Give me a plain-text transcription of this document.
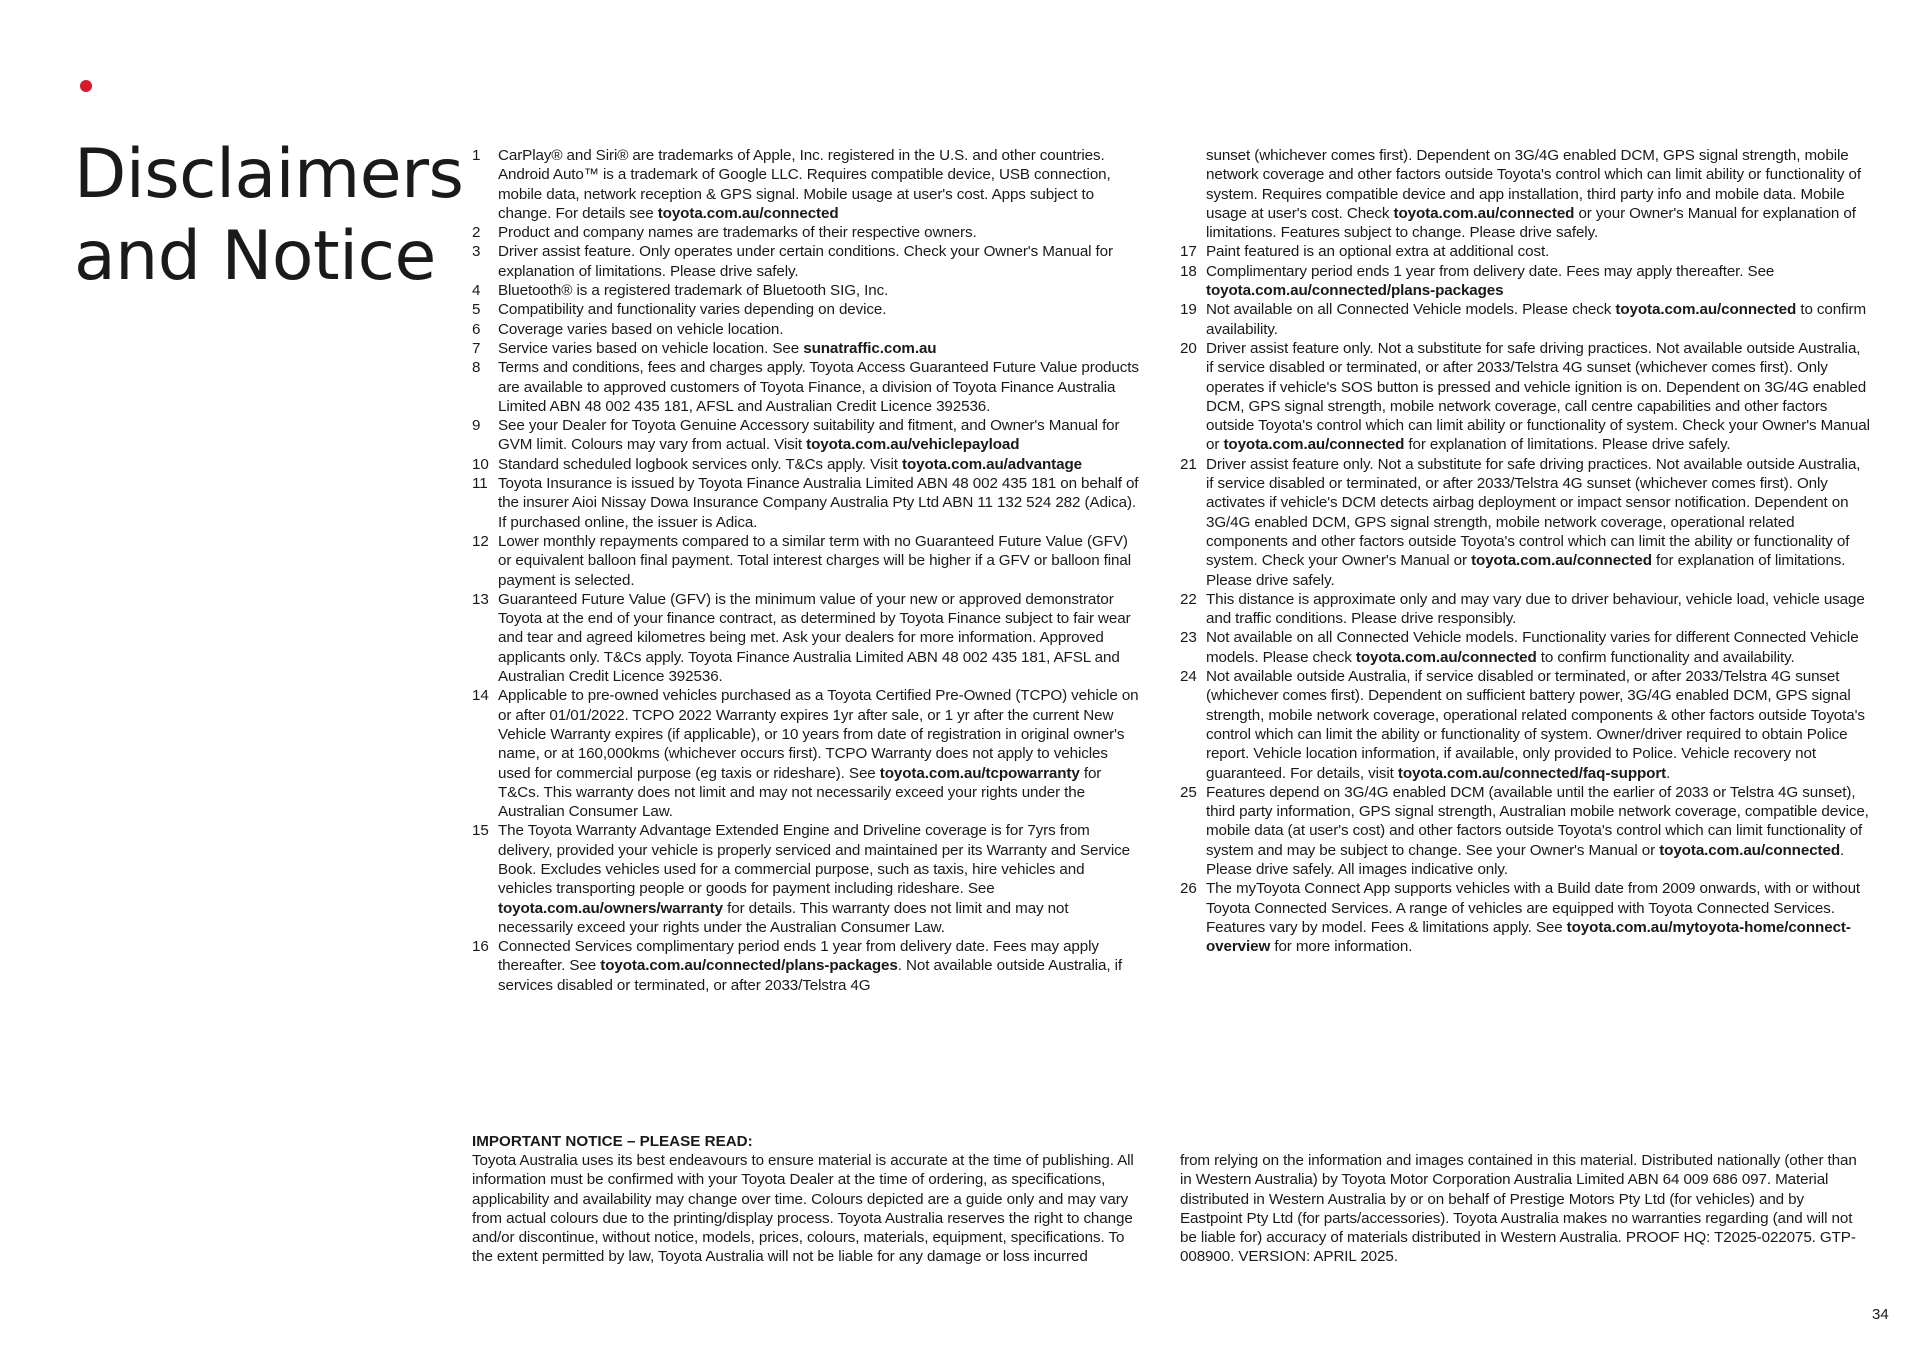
Disclaimers
and Notice
1	CarPlay® and Siri® are trademarks of Apple, Inc. registered in the U.S. and other countries. Android Auto™ is a trademark of Google LLC. Requires compatible device, USB connection, mobile data, network reception & GPS signal. Mobile usage at user's cost. Apps subject to change. For details see toyota.com.au/connected
2	Product and company names are trademarks of their respective owners.
3	Driver assist feature. Only operates under certain conditions. Check your Owner's Manual for explanation of limitations. Please drive safely.
4	Bluetooth® is a registered trademark of Bluetooth SIG, Inc.
5	Compatibility and functionality varies depending on device.
6	Coverage varies based on vehicle location.
7	Service varies based on vehicle location. See sunatraffic.com.au
8	Terms and conditions, fees and charges apply. Toyota Access Guaranteed Future Value products are available to approved customers of Toyota Finance, a division of Toyota Finance Australia Limited ABN 48 002 435 181, AFSL and Australian Credit Licence 392536.
9	See your Dealer for Toyota Genuine Accessory suitability and fitment, and Owner's Manual for GVM limit. Colours may vary from actual. Visit toyota.com.au/vehiclepayload
10 Standard scheduled logbook services only. T&Cs apply. Visit toyota.com.au/advantage
11 Toyota Insurance is issued by Toyota Finance Australia Limited ABN 48 002 435 181 on behalf of the insurer Aioi Nissay Dowa Insurance Company Australia Pty Ltd ABN 11 132 524 282 (Adica). If purchased online, the issuer is Adica.
12 Lower monthly repayments compared to a similar term with no Guaranteed Future Value (GFV) or equivalent balloon final payment. Total interest charges will be higher if a GFV or balloon final payment is selected.
13 Guaranteed Future Value (GFV) is the minimum value of your new or approved demonstrator Toyota at the end of your finance contract, as determined by Toyota Finance subject to fair wear and tear and agreed kilometres being met. Ask your dealers for more information. Approved applicants only. T&Cs apply. Toyota Finance Australia Limited ABN 48 002 435 181, AFSL and Australian Credit Licence 392536.
14 Applicable to pre-owned vehicles purchased as a Toyota Certified Pre-Owned (TCPO) vehicle on or after 01/01/2022. TCPO 2022 Warranty expires 1yr after sale, or 1 yr after the current New Vehicle Warranty expires (if applicable), or 10 years from date of registration in original owner's name, or at 160,000kms (whichever occurs first). TCPO Warranty does not apply to vehicles used for commercial purpose (eg taxis or rideshare). See toyota.com.au/tcpowarranty for T&Cs. This warranty does not limit and may not necessarily exceed your rights under the Australian Consumer Law.
15 The Toyota Warranty Advantage Extended Engine and Driveline coverage is for 7yrs from delivery, provided your vehicle is properly serviced and maintained per its Warranty and Service Book. Excludes vehicles used for a commercial purpose, such as taxis, hire vehicles and vehicles transporting people or goods for payment including rideshare. See toyota.com.au/owners/warranty for details. This warranty does not limit and may not necessarily exceed your rights under the Australian Consumer Law.
16 Connected Services complimentary period ends 1 year from delivery date. Fees may apply thereafter. See toyota.com.au/connected/plans-packages. Not available outside Australia, if services disabled or terminated, or after 2033/Telstra 4G
sunset (whichever comes first). Dependent on 3G/4G enabled DCM, GPS signal strength, mobile network coverage and other factors outside Toyota's control which can limit ability or functionality of system. Requires compatible device and app installation, third party info and mobile data. Mobile usage at user's cost. Check toyota.com.au/connected or your Owner's Manual for explanation of limitations. Features subject to change. Please drive safely.
17 Paint featured is an optional extra at additional cost.
18 Complimentary period ends 1 year from delivery date. Fees may apply thereafter. See toyota.com.au/connected/plans-packages
19 Not available on all Connected Vehicle models. Please check toyota.com.au/connected to confirm availability.
20 Driver assist feature only. Not a substitute for safe driving practices. Not available outside Australia, if service disabled or terminated, or after 2033/Telstra 4G sunset (whichever comes first). Only operates if vehicle's SOS button is pressed and vehicle ignition is on. Dependent on 3G/4G enabled DCM, GPS signal strength, mobile network coverage, call centre capabilities and other factors outside Toyota's control which can limit ability or functionality of system. Check your Owner's Manual or toyota.com.au/connected for explanation of limitations. Please drive safely.
21 Driver assist feature only. Not a substitute for safe driving practices. Not available outside Australia, if service disabled or terminated, or after 2033/Telstra 4G sunset (whichever comes first). Only activates if vehicle's DCM detects airbag deployment or impact sensor notification. Dependent on 3G/4G enabled DCM, GPS signal strength, mobile network coverage, operational related components and other factors outside Toyota's control which can limit the ability or functionality of system. Check your Owner's Manual or toyota.com.au/connected for explanation of limitations. Please drive safely.
22 This distance is approximate only and may vary due to driver behaviour, vehicle load, vehicle usage and traffic conditions. Please drive responsibly.
23 Not available on all Connected Vehicle models. Functionality varies for different Connected Vehicle models. Please check toyota.com.au/connected to confirm functionality and availability.
24 Not available outside Australia, if service disabled or terminated, or after 2033/Telstra 4G sunset (whichever comes first). Dependent on sufficient battery power, 3G/4G enabled DCM, GPS signal strength, mobile network coverage, operational related components & other factors outside Toyota's control which can limit the ability or functionality of system. Owner/driver required to obtain Police report. Vehicle location information, if available, only provided to Police. Vehicle recovery not guaranteed. For details, visit toyota.com.au/connected/faq-support.
25 Features depend on 3G/4G enabled DCM (available until the earlier of 2033 or Telstra 4G sunset), third party information, GPS signal strength, Australian mobile network coverage, compatible device, mobile data (at user's cost) and other factors outside Toyota's control which can limit functionality of system and may be subject to change. See your Owner's Manual or toyota.com.au/connected. Please drive safely. All images indicative only.
26 The myToyota Connect App supports vehicles with a Build date from 2009 onwards, with or without Toyota Connected Services. A range of vehicles are equipped with Toyota Connected Services. Features vary by model. Fees & limitations apply. See toyota.com.au/mytoyota-home/connect-overview for more information.

IMPORTANT NOTICE – PLEASE READ:

Toyota Australia uses its best endeavours to ensure material is accurate at the time of publishing. All information must be confirmed with your Toyota Dealer at the time of ordering, as specifications, applicability and availability may change over time. Colours depicted are a guide only and may vary from actual colours due to the printing/display process. Toyota Australia reserves the right to change and/or discontinue, without notice, models, prices, colours, materials, equipment, specifications. To the extent permitted by law, Toyota Australia will not be liable for any damage or loss incurred

from relying on the information and images contained in this material. Distributed nationally (other than in Western Australia) by Toyota Motor Corporation Australia Limited ABN 64 009 686 097. Material distributed in Western Australia by or on behalf of Prestige Motors Pty Ltd (for vehicles) and by Eastpoint Pty Ltd (for parts/accessories). Toyota Australia makes no warranties regarding (and will not be liable for) accuracy of materials distributed in Western Australia. PROOF HQ: T2025-022075. GTP-008900. VERSION: APRIL 2025.

34
